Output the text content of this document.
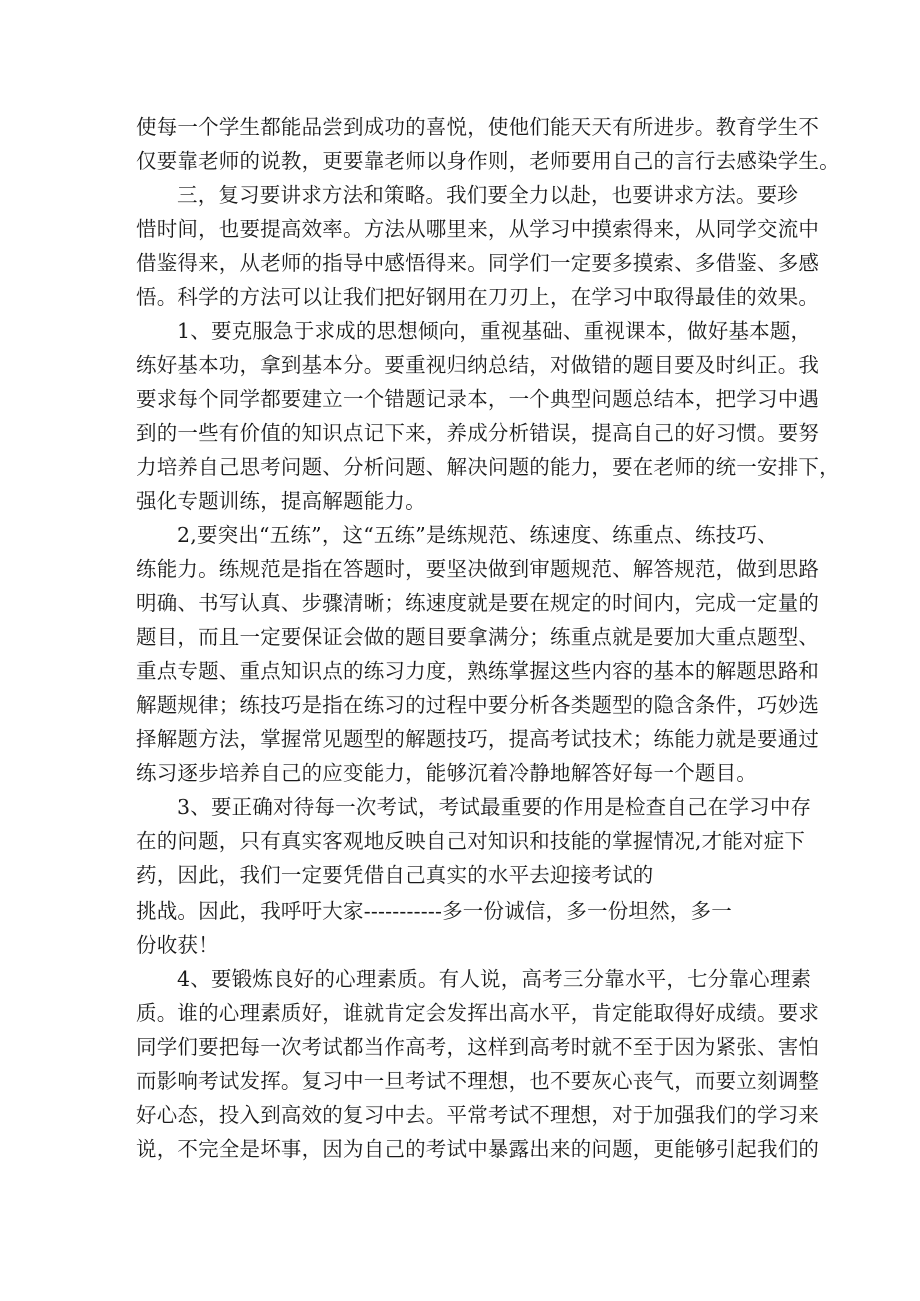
使每一个学生都能品尝到成功的喜悦，使他们能天天有所进步。教育学生不
仅要靠老师的说教，更要靠老师以身作则，老师要用自己的言行去感染学生。
三，复习要讲求方法和策略。我们要全力以赴，也要讲求方法。要珍
惜时间，也要提高效率。方法从哪里来，从学习中摸索得来，从同学交流中
借鉴得来，从老师的指导中感悟得来。同学们一定要多摸索、多借鉴、多感
悟。科学的方法可以让我们把好钢用在刀刃上，在学习中取得最佳的效果。
1、要克服急于求成的思想倾向，重视基础、重视课本，做好基本题，
练好基本功，拿到基本分。要重视归纳总结，对做错的题目要及时纠正。我
要求每个同学都要建立一个错题记录本，一个典型问题总结本，把学习中遇
到的一些有价值的知识点记下来，养成分析错误，提高自己的好习惯。要努
力培养自己思考问题、分析问题、解决问题的能力，要在老师的统一安排下，
强化专题训练，提高解题能力。
2,要突出“五练”，这“五练”是练规范、练速度、练重点、练技巧、
练能力。练规范是指在答题时，要坚决做到审题规范、解答规范，做到思路
明确、书写认真、步骤清晰；练速度就是要在规定的时间内，完成一定量的
题目，而且一定要保证会做的题目要拿满分；练重点就是要加大重点题型、
重点专题、重点知识点的练习力度，熟练掌握这些内容的基本的解题思路和
解题规律；练技巧是指在练习的过程中要分析各类题型的隐含条件，巧妙选
择解题方法，掌握常见题型的解题技巧，提高考试技术；练能力就是要通过
练习逐步培养自己的应变能力，能够沉着冷静地解答好每一个题目。
3、要正确对待每一次考试，考试最重要的作用是检查自己在学习中存
在的问题，只有真实客观地反映自己对知识和技能的掌握情况,才能对症下
药，因此，我们一定要凭借自己真实的水平去迎接考试的
挑战。因此，我呼吁大家-----------多一份诚信，多一份坦然，多一
份收获！
4、要锻炼良好的心理素质。有人说，高考三分靠水平，七分靠心理素
质。谁的心理素质好，谁就肯定会发挥出高水平，肯定能取得好成绩。要求
同学们要把每一次考试都当作高考，这样到高考时就不至于因为紧张、害怕
而影响考试发挥。复习中一旦考试不理想，也不要灰心丧气，而要立刻调整
好心态，投入到高效的复习中去。平常考试不理想，对于加强我们的学习来
说，不完全是坏事，因为自己的考试中暴露出来的问题，更能够引起我们的
